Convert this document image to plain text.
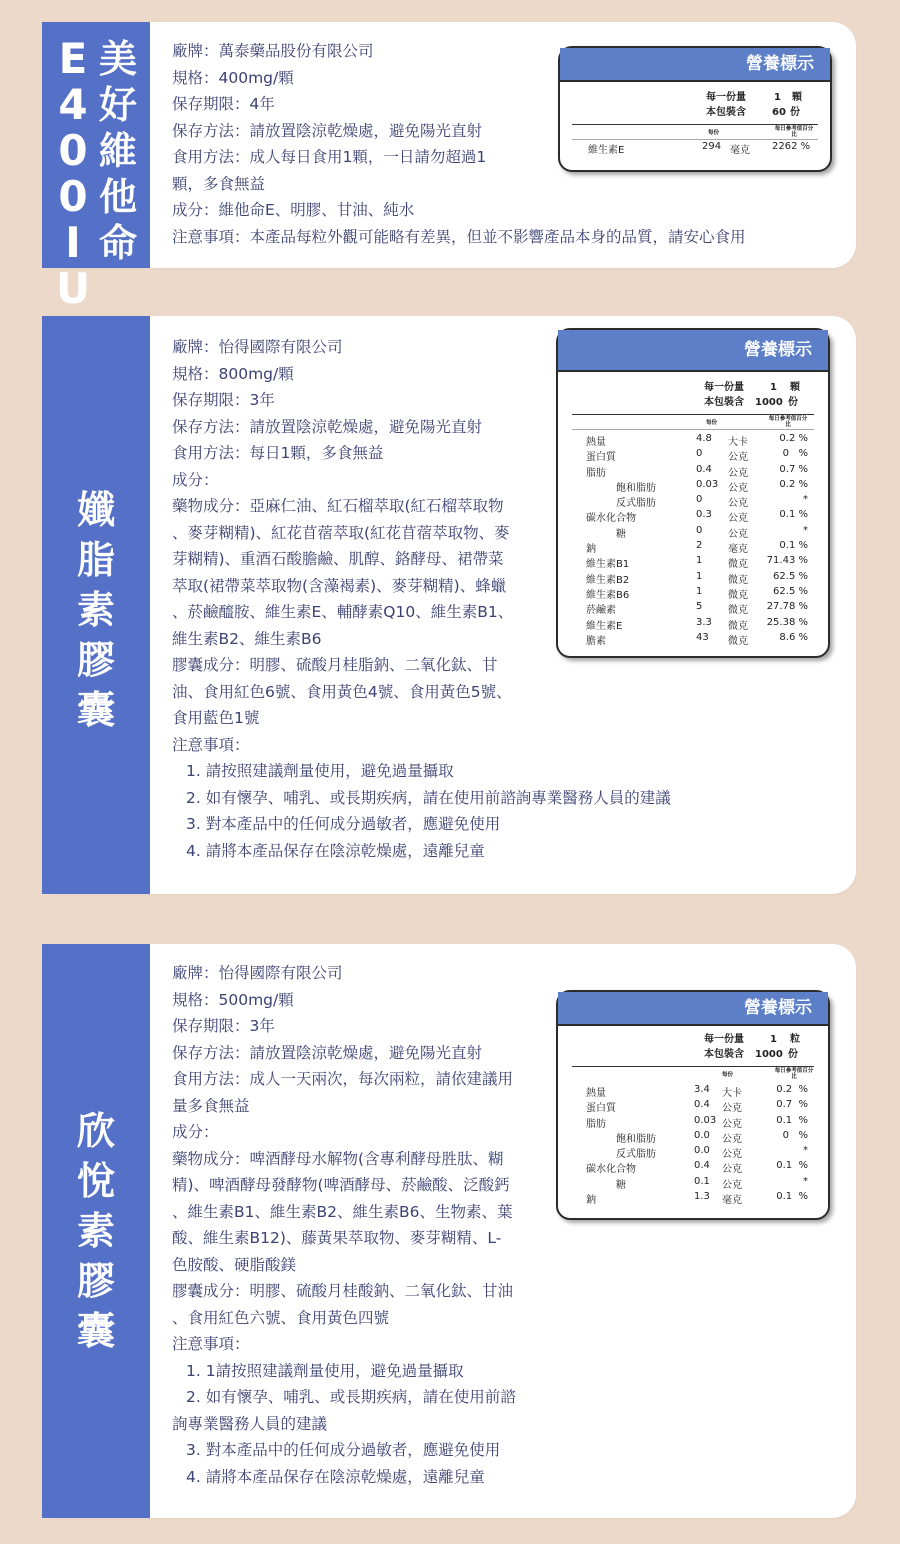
E
4
0
0
I
U
美
好
維
他
命

廠牌：萬泰藥品股份有限公司

規格：400mg/顆

保存期限：4年

保存方法：請放置陰涼乾燥處，避免陽光直射

食用方法：成人每日食用1顆，一日請勿超過1

顆，多食無益

成分：維他命E、明膠、甘油、純水

注意事項：本產品每粒外觀可能略有差異，但並不影響產品本身的品質，請安心食用

營養標示
每一份量	1 顆
本包裝含	60 份
每份
每日參考值百分比
維生素E	294 毫克 2262 %
孅
脂
素
膠
囊

廠牌：怡得國際有限公司

規格：800mg/顆

保存期限：3年

保存方法：請放置陰涼乾燥處，避免陽光直射

食用方法：每日1顆，多食無益

成分：

藥物成分：亞麻仁油、紅石榴萃取(紅石榴萃取物

、麥芽糊精)、紅花苜蓿萃取(紅花苜蓿萃取物、麥

芽糊精)、重酒石酸膽鹼、肌醇、鉻酵母、裙帶菜

萃取(裙帶菜萃取物(含藻褐素)、麥芽糊精)、蜂蠟

、菸鹼醯胺、維生素E、輔酵素Q10、維生素B1、

維生素B2、維生素B6

膠囊成分：明膠、硫酸月桂脂鈉、二氧化鈦、甘

油、食用紅色6號、食用黃色4號、食用黃色5號、

食用藍色1號

注意事項：

1. 請按照建議劑量使用，避免過量攝取

2. 如有懷孕、哺乳、或長期疾病，請在使用前諮詢專業醫務人員的建議

3. 對本產品中的任何成分過敏者，應避免使用

4. 請將本產品保存在陰涼乾燥處，遠離兒童

營養標示
每一份量	1 顆
本包裝含 1000 份
每份
每日參考值百分比
熱量	4.8 大卡	0.2 %
蛋白質	0	公克	0   %
脂肪	0.4 公克	0.7 %
飽和脂肪	0.03 公克	0.2 %
反式脂肪	0	公克	*
碳水化合物	0.3 公克	0.1 %
糖	0	公克	*
鈉	2	毫克	0.1 %
維生素B1	1	微克 71.43 %
維生素B2	1	微克	62.5 %
維生素B6	1	微克	62.5 %
菸鹼素	5	微克 27.78 %
維生素E	3.3 微克 25.38 %
膽素	43 微克	8.6 %
欣
悅
素
膠
囊

廠牌：怡得國際有限公司

規格：500mg/顆

保存期限：3年

保存方法：請放置陰涼乾燥處，避免陽光直射

食用方法：成人一天兩次，每次兩粒，請依建議用

量多食無益

成分：

藥物成分：啤酒酵母水解物(含專利酵母胜肽、糊

精)、啤酒酵母發酵物(啤酒酵母、菸鹼酸、泛酸鈣

、維生素B1、維生素B2、維生素B6、生物素、葉

酸、維生素B12)、藤黃果萃取物、麥芽糊精、L-

色胺酸、硬脂酸鎂

膠囊成分：明膠、硫酸月桂酸鈉、二氧化鈦、甘油

、食用紅色六號、食用黃色四號

注意事項：

1. 1請按照建議劑量使用，避免過量攝取

2. 如有懷孕、哺乳、或長期疾病，請在使用前諮

詢專業醫務人員的建議

3. 對本產品中的任何成分過敏者，應避免使用

4. 請將本產品保存在陰涼乾燥處，遠離兒童

營養標示
每一份量	1 粒
本包裝含 1000 份
每份
每日參考值百分比
熱量	3.4 大卡	0.2  %
蛋白質	0.4 公克	0.7  %
脂肪	0.03 公克	0.1  %
飽和脂肪	0.0 公克	0   %
反式脂肪	0.0 公克	*
碳水化合物	0.4 公克	0.1  %
糖	0.1 公克	*
鈉	1.3 毫克	0.1  %
